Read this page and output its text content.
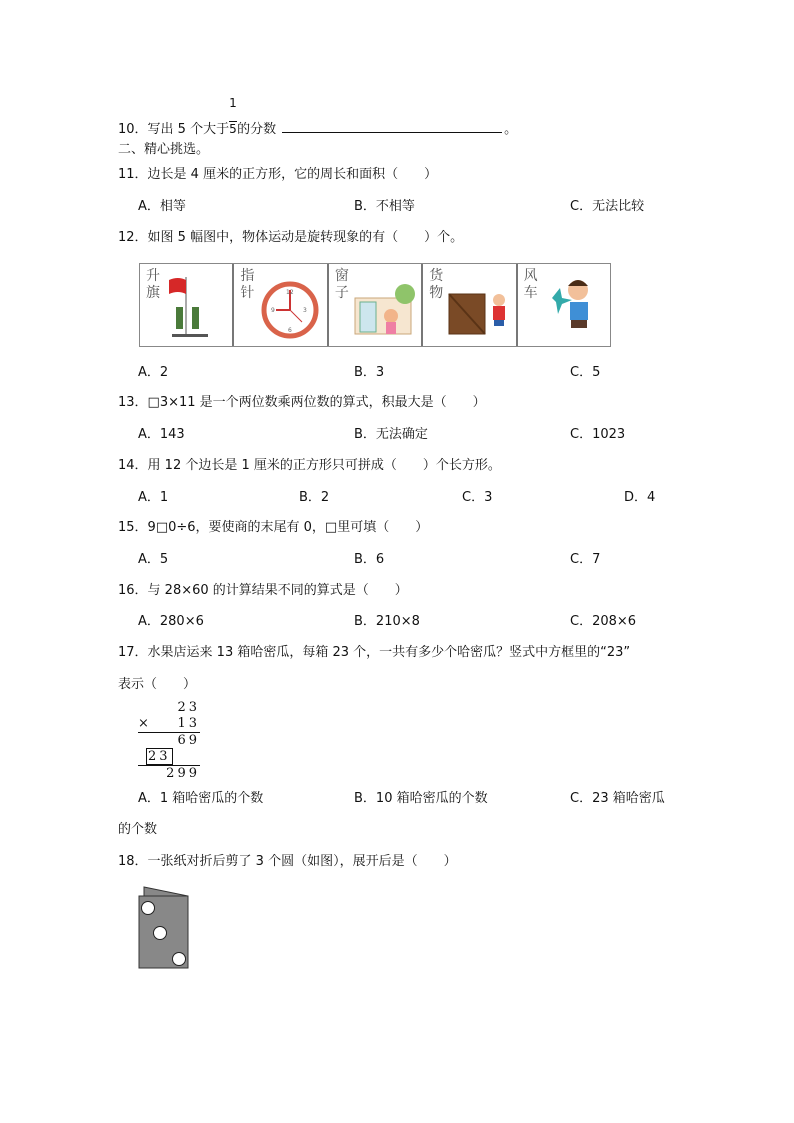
10．写出 5 个大于 $\frac{1}{5}$的分数	。
二、精心挑选。
11．边长是 4 厘米的正方形，它的周长和面积（　　）
A．相等	B．不相等	C．无法比较
12．如图 5 幅图中，物体运动是旋转现象的有（　　）个。
升旗
指针	12
3
6
9
窗子
货物
风车
A．2	B．3	C．5
13．□3×11 是一个两位数乘两位数的算式，积最大是（　　）
A．143	B．无法确定	C．1023
14．用 12 个边长是 1 厘米的正方形只可拼成（　　）个长方形。
A．1	B．2	C．3	D．4
15．9□0÷6，要使商的末尾有 0，□里可填（　　）
A．5	B．6	C．7
16．与 28×60 的计算结果不同的算式是（　　）
A．280×6	B．210×8	C．208×6
17．水果店运来 13 箱哈密瓜，每箱 23 个，一共有多少个哈密瓜？竖式中方框里的“23”
表示（　　）
23
× 13
69
23
299
A．1 箱哈密瓜的个数	B．10 箱哈密瓜的个数	C．23 箱哈密瓜
的个数
18．一张纸对折后剪了 3 个圆（如图），展开后是（　　）
